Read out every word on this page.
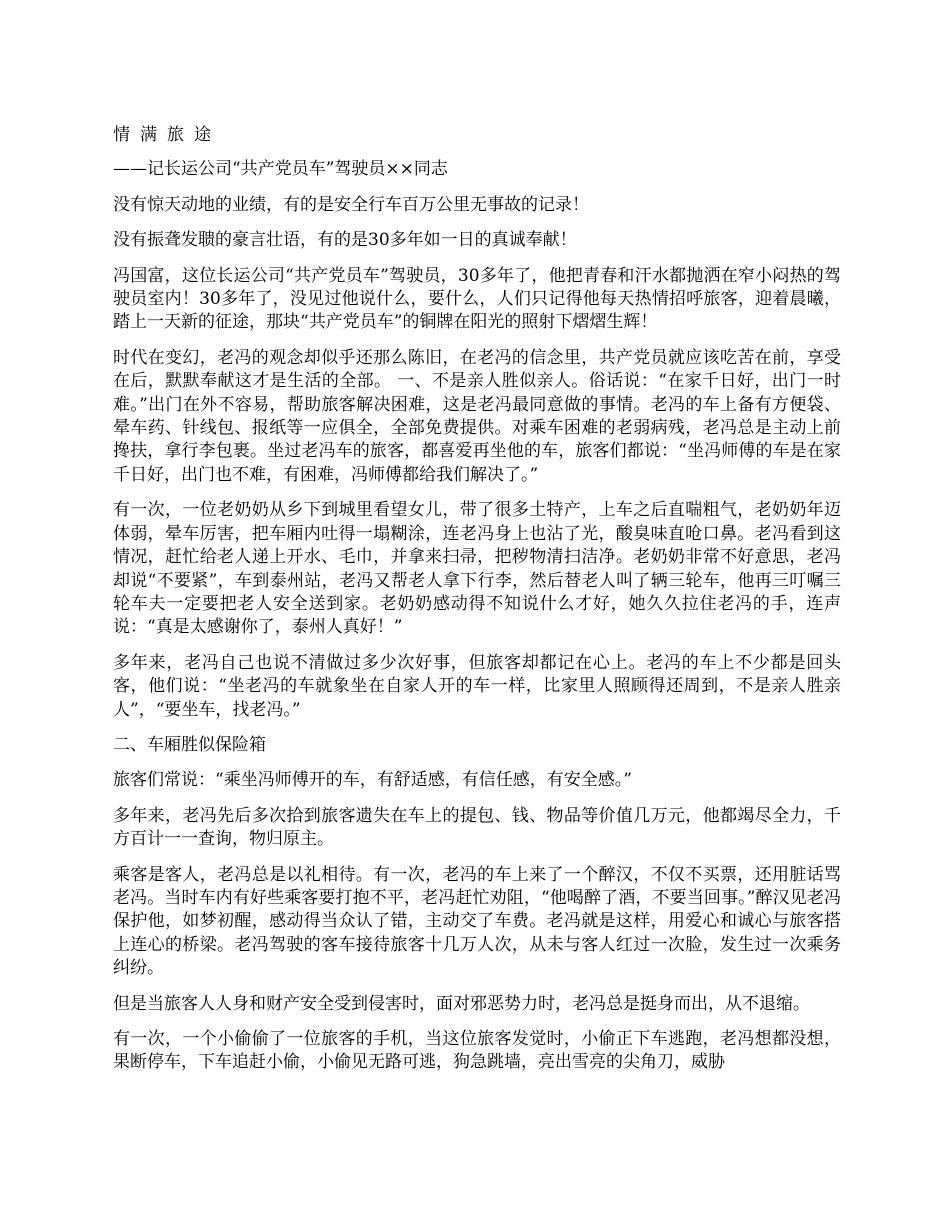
情满旅途

——记长运公司“共产党员车”驾驶员××同志

没有惊天动地的业绩，有的是安全行车百万公里无事故的记录！

没有振聋发聩的豪言壮语，有的是30多年如一日的真诚奉献！

冯国富，这位长运公司“共产党员车”驾驶员，30多年了，他把青春和汗水都抛洒在窄小闷热的驾驶员室内！30多年了，没见过他说什么，要什么，人们只记得他每天热情招呼旅客，迎着晨曦，踏上一天新的征途，那块“共产党员车”的铜牌在阳光的照射下熠熠生辉！

时代在变幻，老冯的观念却似乎还那么陈旧，在老冯的信念里，共产党员就应该吃苦在前，享受在后，默默奉献这才是生活的全部。 一、不是亲人胜似亲人。俗话说：“在家千日好，出门一时难。”出门在外不容易，帮助旅客解决困难，这是老冯最同意做的事情。老冯的车上备有方便袋、晕车药、针线包、报纸等一应俱全，全部免费提供。对乘车困难的老弱病残，老冯总是主动上前搀扶，拿行李包裹。坐过老冯车的旅客，都喜爱再坐他的车，旅客们都说：“坐冯师傅的车是在家千日好，出门也不难，有困难，冯师傅都给我们解决了。”

有一次，一位老奶奶从乡下到城里看望女儿，带了很多土特产，上车之后直喘粗气，老奶奶年迈体弱，晕车厉害，把车厢内吐得一塌糊涂，连老冯身上也沾了光，酸臭味直呛口鼻。老冯看到这情况，赶忙给老人递上开水、毛巾，并拿来扫帚，把秽物清扫洁净。老奶奶非常不好意思，老冯却说“不要紧”，车到泰州站，老冯又帮老人拿下行李，然后替老人叫了辆三轮车，他再三叮嘱三轮车夫一定要把老人安全送到家。老奶奶感动得不知说什么才好，她久久拉住老冯的手，连声说：“真是太感谢你了，泰州人真好！”

多年来，老冯自己也说不清做过多少次好事，但旅客却都记在心上。老冯的车上不少都是回头客，他们说：“坐老冯的车就象坐在自家人开的车一样，比家里人照顾得还周到，不是亲人胜亲人”，“要坐车，找老冯。”

二、车厢胜似保险箱

旅客们常说：“乘坐冯师傅开的车，有舒适感，有信任感，有安全感。”

多年来，老冯先后多次拾到旅客遗失在车上的提包、钱、物品等价值几万元，他都竭尽全力，千方百计一一查询，物归原主。

乘客是客人，老冯总是以礼相待。有一次，老冯的车上来了一个醉汉，不仅不买票，还用脏话骂老冯。当时车内有好些乘客要打抱不平，老冯赶忙劝阻，“他喝醉了酒，不要当回事。”醉汉见老冯保护他，如梦初醒，感动得当众认了错，主动交了车费。老冯就是这样，用爱心和诚心与旅客搭上连心的桥梁。老冯驾驶的客车接待旅客十几万人次，从未与客人红过一次脸，发生过一次乘务纠纷。

但是当旅客人人身和财产安全受到侵害时，面对邪恶势力时，老冯总是挺身而出，从不退缩。

有一次，一个小偷偷了一位旅客的手机，当这位旅客发觉时，小偷正下车逃跑，老冯想都没想，果断停车，下车追赶小偷，小偷见无路可逃，狗急跳墙，亮出雪亮的尖角刀，威胁
